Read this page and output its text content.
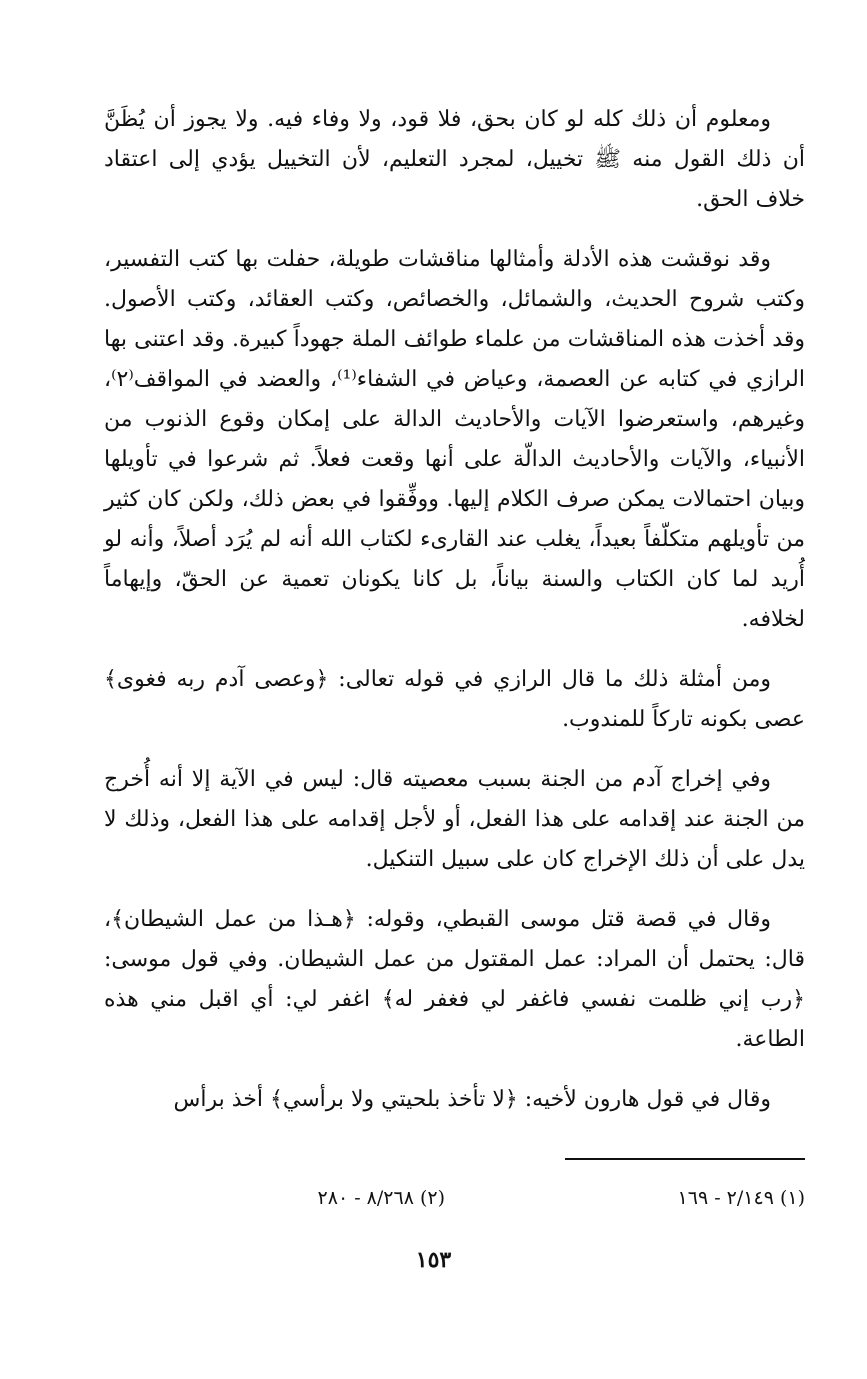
ومعلوم أن ذلك كله لو كان بحق، فلا قود، ولا وفاء فيه. ولا يجوز أن يُظَنَّ أن ذلك القول منه ﷺ تخييل، لمجرد التعليم، لأن التخييل يؤدي إلى اعتقاد خلاف الحق.

وقد نوقشت هذه الأدلة وأمثالها مناقشات طويلة، حفلت بها كتب التفسير، وكتب شروح الحديث، والشمائل، والخصائص، وكتب العقائد، وكتب الأصول. وقد أخذت هذه المناقشات من علماء طوائف الملة جهوداً كبيرة. وقد اعتنى بها الرازي في كتابه عن العصمة، وعياض في الشفاء⁽¹⁾، والعضد في المواقف⁽٢⁾، وغيرهم، واستعرضوا الآيات والأحاديث الدالة على إمكان وقوع الذنوب من الأنبياء، والآيات والأحاديث الدالّة على أنها وقعت فعلاً. ثم شرعوا في تأويلها وبيان احتمالات يمكن صرف الكلام إليها. ووفِّقوا في بعض ذلك، ولكن كان كثير من تأويلهم متكلّفاً بعيداً، يغلب عند القارىء لكتاب الله أنه لم يُرَد أصلاً، وأنه لو أُريد لما كان الكتاب والسنة بياناً، بل كانا يكونان تعمية عن الحقّ، وإيهاماً لخلافه.

ومن أمثلة ذلك ما قال الرازي في قوله تعالى: ﴿وعصى آدم ربه فغوى﴾ عصى بكونه تاركاً للمندوب.

وفي إخراج آدم من الجنة بسبب معصيته قال: ليس في الآية إلا أنه أُخرج من الجنة عند إقدامه على هذا الفعل، أو لأجل إقدامه على هذا الفعل، وذلك لا يدل على أن ذلك الإخراج كان على سبيل التنكيل.

وقال في قصة قتل موسى القبطي، وقوله: ﴿هـذا من عمل الشيطان﴾، قال: يحتمل أن المراد: عمل المقتول من عمل الشيطان. وفي قول موسى: ﴿رب إني ظلمت نفسي فاغفر لي فغفر له﴾ اغفر لي: أي اقبل مني هذه الطاعة.

وقال في قول هارون لأخيه: ﴿لا تأخذ بلحيتي ولا برأسي﴾ أخذ برأس

(١) ٢/١٤٩ - ١٦٩
(٢) ٨/٢٦٨ - ٢٨٠
١٥٣
